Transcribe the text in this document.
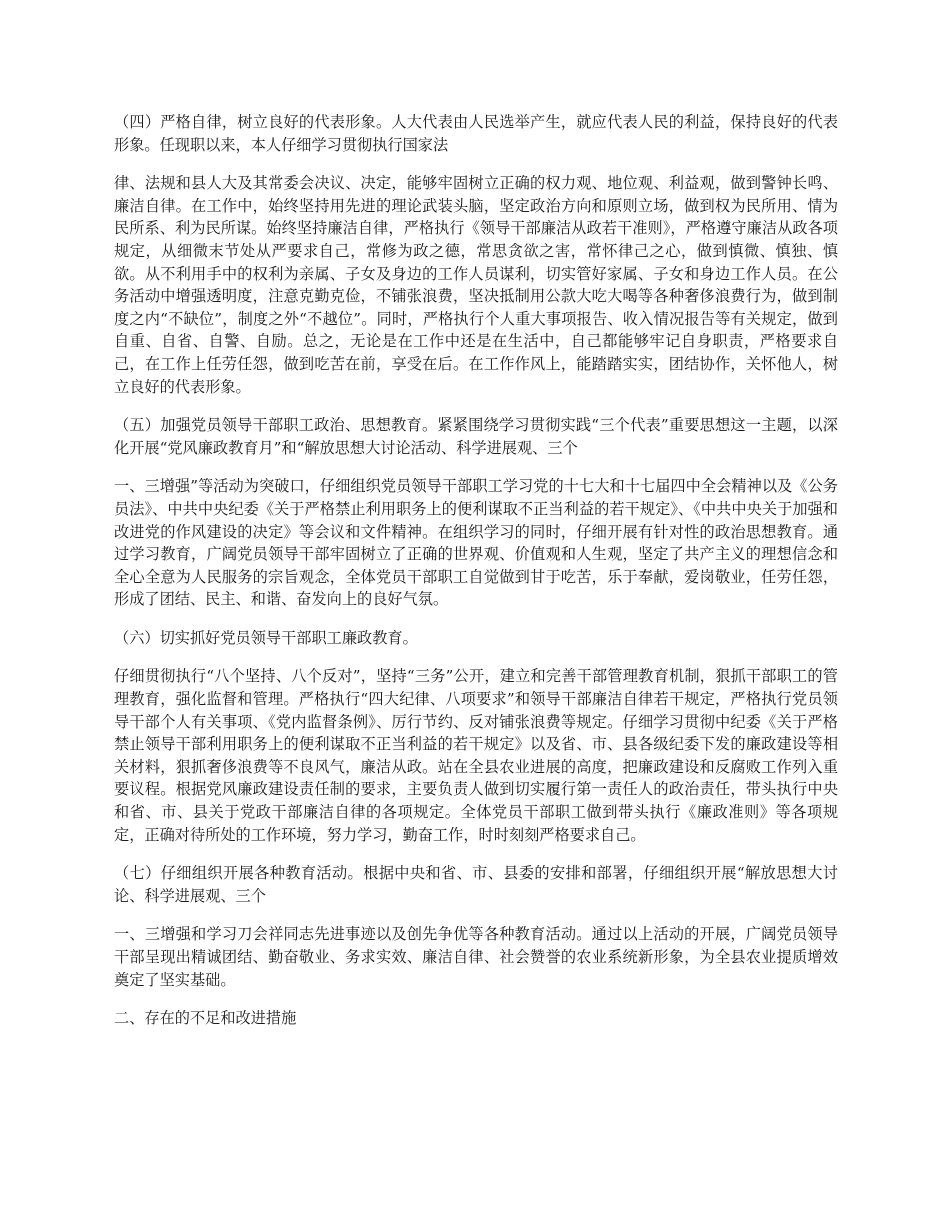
（四）严格自律，树立良好的代表形象。人大代表由人民选举产生，就应代表人民的利益，保持良好的代表形象。任现职以来，本人仔细学习贯彻执行国家法

律、法规和县人大及其常委会决议、决定，能够牢固树立正确的权力观、地位观、利益观，做到警钟长鸣、廉洁自律。在工作中，始终坚持用先进的理论武装头脑，坚定政治方向和原则立场，做到权为民所用、情为民所系、利为民所谋。始终坚持廉洁自律，严格执行《领导干部廉洁从政若干准则》，严格遵守廉洁从政各项规定，从细微末节处从严要求自己，常修为政之德，常思贪欲之害，常怀律己之心，做到慎微、慎独、慎欲。从不利用手中的权利为亲属、子女及身边的工作人员谋利，切实管好家属、子女和身边工作人员。在公务活动中增强透明度，注意克勤克俭，不铺张浪费，坚决抵制用公款大吃大喝等各种奢侈浪费行为，做到制度之内“不缺位”，制度之外“不越位”。同时，严格执行个人重大事项报告、收入情况报告等有关规定，做到自重、自省、自警、自励。总之，无论是在工作中还是在生活中，自己都能够牢记自身职责，严格要求自己，在工作上任劳任怨，做到吃苦在前，享受在后。在工作作风上，能踏踏实实，团结协作，关怀他人，树立良好的代表形象。

（五）加强党员领导干部职工政治、思想教育。紧紧围绕学习贯彻实践“三个代表”重要思想这一主题，以深化开展“党风廉政教育月”和“解放思想大讨论活动、科学进展观、三个

一、三增强”等活动为突破口，仔细组织党员领导干部职工学习党的十七大和十七届四中全会精神以及《公务员法》、中共中央纪委《关于严格禁止利用职务上的便利谋取不正当利益的若干规定》、《中共中央关于加强和改进党的作风建设的决定》等会议和文件精神。在组织学习的同时，仔细开展有针对性的政治思想教育。通过学习教育，广阔党员领导干部牢固树立了正确的世界观、价值观和人生观，坚定了共产主义的理想信念和全心全意为人民服务的宗旨观念，全体党员干部职工自觉做到甘于吃苦，乐于奉献，爱岗敬业，任劳任怨，形成了团结、民主、和谐、奋发向上的良好气氛。

（六）切实抓好党员领导干部职工廉政教育。

仔细贯彻执行“八个坚持、八个反对”，坚持“三务”公开，建立和完善干部管理教育机制，狠抓干部职工的管理教育，强化监督和管理。严格执行“四大纪律、八项要求”和领导干部廉洁自律若干规定，严格执行党员领导干部个人有关事项、《党内监督条例》、厉行节约、反对铺张浪费等规定。仔细学习贯彻中纪委《关于严格禁止领导干部利用职务上的便利谋取不正当利益的若干规定》以及省、市、县各级纪委下发的廉政建设等相关材料，狠抓奢侈浪费等不良风气，廉洁从政。站在全县农业进展的高度，把廉政建设和反腐败工作列入重要议程。根据党风廉政建设责任制的要求，主要负责人做到切实履行第一责任人的政治责任，带头执行中央和省、市、县关于党政干部廉洁自律的各项规定。全体党员干部职工做到带头执行《廉政准则》等各项规定，正确对待所处的工作环境，努力学习，勤奋工作，时时刻刻严格要求自己。

（七）仔细组织开展各种教育活动。根据中央和省、市、县委的安排和部署，仔细组织开展“解放思想大讨论、科学进展观、三个

一、三增强和学习刀会祥同志先进事迹以及创先争优等各种教育活动。通过以上活动的开展，广阔党员领导干部呈现出精诚团结、勤奋敬业、务求实效、廉洁自律、社会赞誉的农业系统新形象，为全县农业提质增效奠定了坚实基础。

二、存在的不足和改进措施
